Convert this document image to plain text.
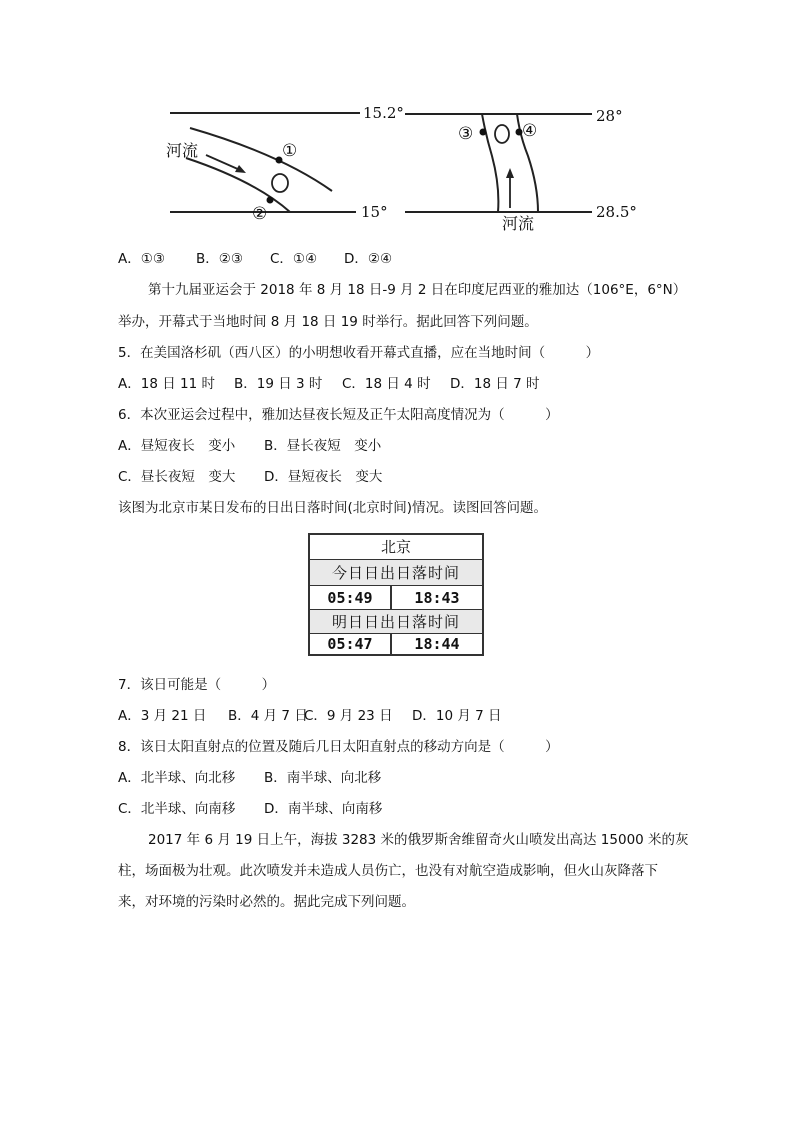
15.2°
15°
河流	①
②
28°
28.5°
河流
③	④
A．①③ B．②③ C．①④ D．②④
第十九届亚运会于 2018 年 8 月 18 日-9 月 2 日在印度尼西亚的雅加达（106°E，6°N）
举办，开幕式于当地时间 8 月 18 日 19 时举行。据此回答下列问题。
5．在美国洛杉矶（西八区）的小明想收看开幕式直播，应在当地时间（　　　）
A．18 日 11 时 B．19 日 3 时 C．18 日 4 时 D．18 日 7 时
6．本次亚运会过程中，雅加达昼夜长短及正午太阳高度情况为（　　　）
A．昼短夜长　变小 B．昼长夜短　变小
C．昼长夜短　变大 D．昼短夜长　变大
该图为北京市某日发布的日出日落时间(北京时间)情况。读图回答问题。
北京
今日日出日落时间
05:49	18:43
明日日出日落时间
05:47	18:44
7．该日可能是（　　　）
A．3 月 21 日 B．4 月 7 日
C．9 月 23 日 D．10 月 7 日
8．该日太阳直射点的位置及随后几日太阳直射点的移动方向是（　　　）
A．北半球、向北移 B．南半球、向北移
C．北半球、向南移 D．南半球、向南移
2017 年 6 月 19 日上午，海拔 3283 米的俄罗斯舍维留奇火山喷发出高达 15000 米的灰
柱，场面极为壮观。此次喷发并未造成人员伤亡，也没有对航空造成影响，但火山灰降落下
来，对环境的污染时必然的。据此完成下列问题。
